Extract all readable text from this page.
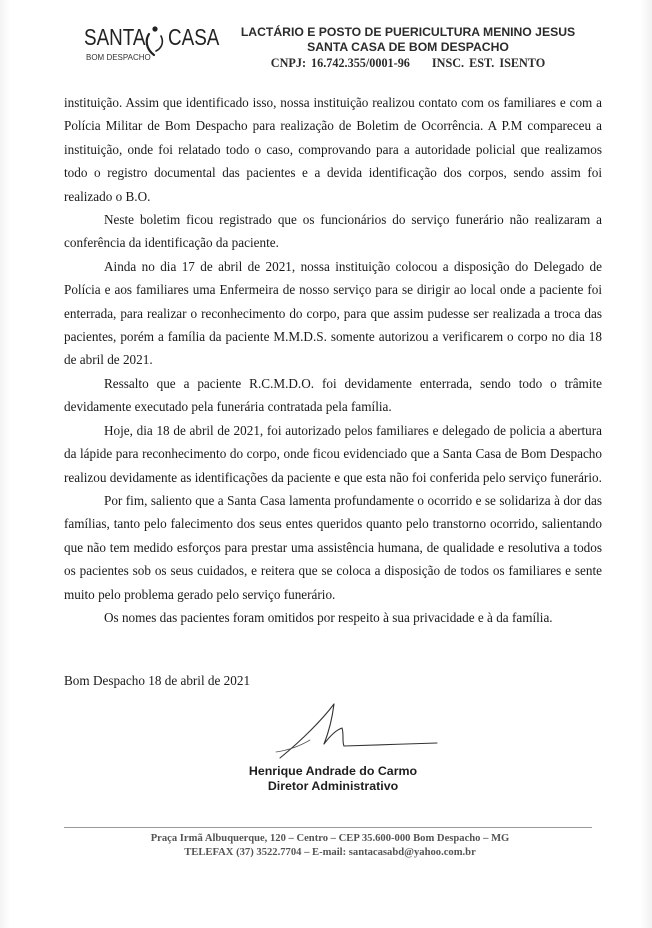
SANTA CASA
BOM DESPACHO
LACTÁRIO E POSTO DE PUERICULTURA MENINO JESUS
SANTA CASA DE BOM DESPACHO
CNPJ: 16.742.355/0001-96 INSC. EST. ISENTO

instituição. Assim que identificado isso, nossa instituição realizou contato com os familiares e com a Polícia Militar de Bom Despacho para realização de Boletim de Ocorrência. A P.M compareceu a instituição, onde foi relatado todo o caso, comprovando para a autoridade policial que realizamos todo o registro documental das pacientes e a devida identificação dos corpos, sendo assim foi realizado o B.O.

Neste boletim ficou registrado que os funcionários do serviço funerário não realizaram a conferência da identificação da paciente.

Ainda no dia 17 de abril de 2021, nossa instituição colocou a disposição do Delegado de Polícia e aos familiares uma Enfermeira de nosso serviço para se dirigir ao local onde a paciente foi enterrada, para realizar o reconhecimento do corpo, para que assim pudesse ser realizada a troca das pacientes, porém a família da paciente M.M.D.S. somente autorizou a verificarem o corpo no dia 18 de abril de 2021.

Ressalto que a paciente R.C.M.D.O. foi devidamente enterrada, sendo todo o trâmite devidamente executado pela funerária contratada pela família.

Hoje, dia 18 de abril de 2021, foi autorizado pelos familiares e delegado de policia a abertura da lápide para reconhecimento do corpo, onde ficou evidenciado que a Santa Casa de Bom Despacho realizou devidamente as identificações da paciente e que esta não foi conferida pelo serviço funerário.

Por fim, saliento que a Santa Casa lamenta profundamente o ocorrido e se solidariza à dor das famílias, tanto pelo falecimento dos seus entes queridos quanto pelo transtorno ocorrido, salientando que não tem medido esforços para prestar uma assistência humana, de qualidade e resolutiva a todos os pacientes sob os seus cuidados, e reitera que se coloca a disposição de todos os familiares e sente muito pelo problema gerado pelo serviço funerário.

Os nomes das pacientes foram omitidos por respeito à sua privacidade e à da família.

Bom Despacho 18 de abril de 2021
Henrique Andrade do Carmo
Diretor Administrativo
Praça Irmã Albuquerque, 120 – Centro – CEP 35.600-000 Bom Despacho – MG
TELEFAX (37) 3522.7704 – E-mail: santacasabd@yahoo.com.br
